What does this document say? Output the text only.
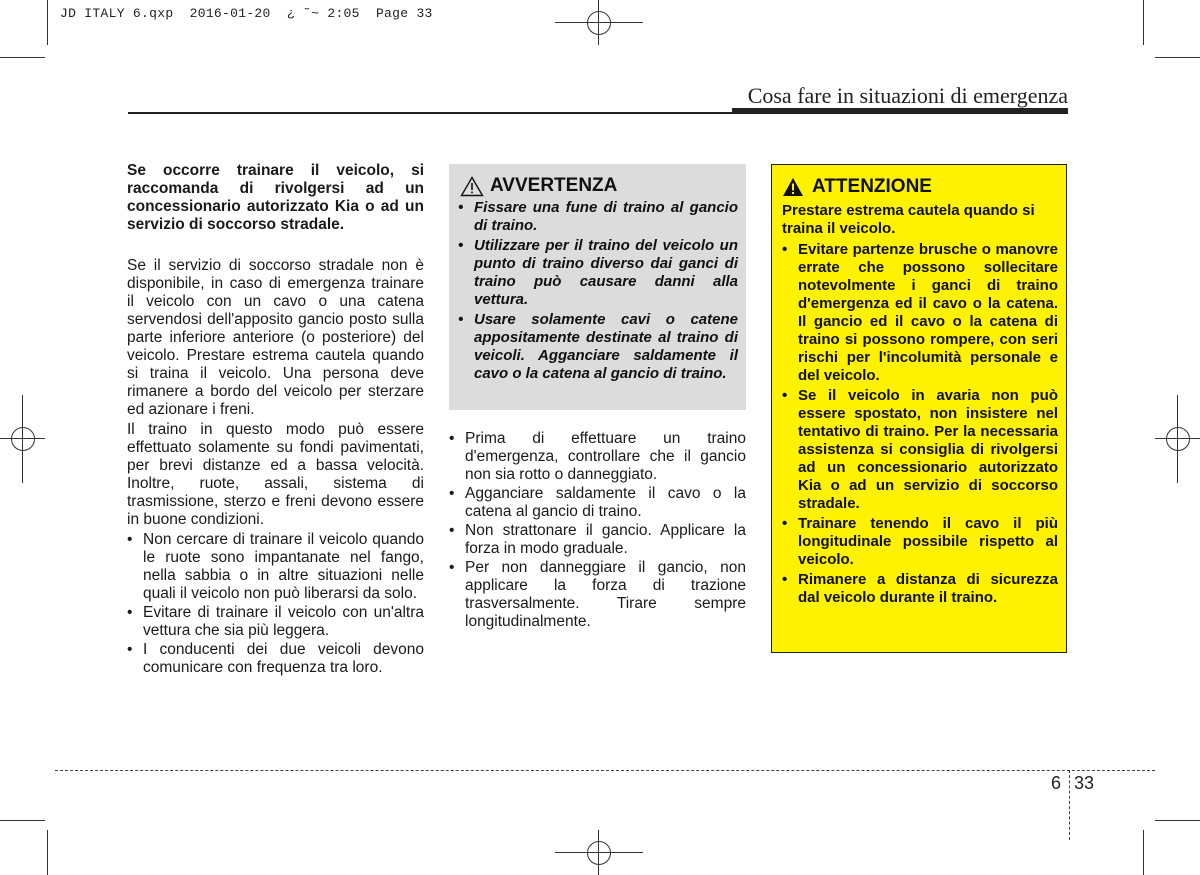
JD ITALY 6.qxp  2016-01-20  ¿ ˜~ 2:05  Page 33
Cosa fare in situazioni di emergenza

Se occorre trainare il veicolo, si raccomanda di rivolgersi ad un concessionario autorizzato Kia o ad un servizio di soccorso stradale.

Se il servizio di soccorso stradale non è disponibile, in caso di emergenza trainare il veicolo con un cavo o una catena servendosi dell'apposito gancio posto sulla parte inferiore anteriore (o posteriore) del veicolo. Prestare estrema cautela quando si traina il veicolo. Una persona deve rimanere a bordo del veicolo per sterzare ed azionare i freni.

Il traino in questo modo può essere effettuato solamente su fondi pavimentati, per brevi distanze ed a bassa velocità. Inoltre, ruote, assali, sistema di trasmissione, sterzo e freni devono essere in buone condizioni.

• Non cercare di trainare il veicolo quando le ruote sono impantanate nel fango, nella sabbia o in altre situazioni nelle quali il veicolo non può liberarsi da solo.
• Evitare di trainare il veicolo con un'altra vettura che sia più leggera.
• I conducenti dei due veicoli devono comunicare con frequenza tra loro.
AVVERTENZA
• Fissare una fune di traino al gancio di traino.
• Utilizzare per il traino del veicolo un punto di traino diverso dai ganci di traino può causare danni alla vettura.
• Usare solamente cavi o catene appositamente destinate al traino di veicoli. Agganciare saldamente il cavo o la catena al gancio di traino.
• Prima di effettuare un traino d'emergenza, controllare che il gancio non sia rotto o danneggiato.
• Agganciare saldamente il cavo o la catena al gancio di traino.
• Non strattonare il gancio. Applicare la forza in modo graduale.
• Per non danneggiare il gancio, non applicare la forza di trazione trasversalmente. Tirare sempre longitudinalmente.
ATTENZIONE

Prestare estrema cautela quando si traina il veicolo.

• Evitare partenze brusche o manovre errate che possono sollecitare notevolmente i ganci di traino d'emergenza ed il cavo o la catena. Il gancio ed il cavo o la catena di traino si possono rompere, con seri rischi per l'incolumità personale e del veicolo.
• Se il veicolo in avaria non può essere spostato, non insistere nel tentativo di traino. Per la necessaria assistenza si consiglia di rivolgersi ad un concessionario autorizzato Kia o ad un servizio di soccorso stradale.
• Trainare tenendo il cavo il più longitudinale possibile rispetto al veicolo.
• Rimanere a distanza di sicurezza dal veicolo durante il traino.
6 33
